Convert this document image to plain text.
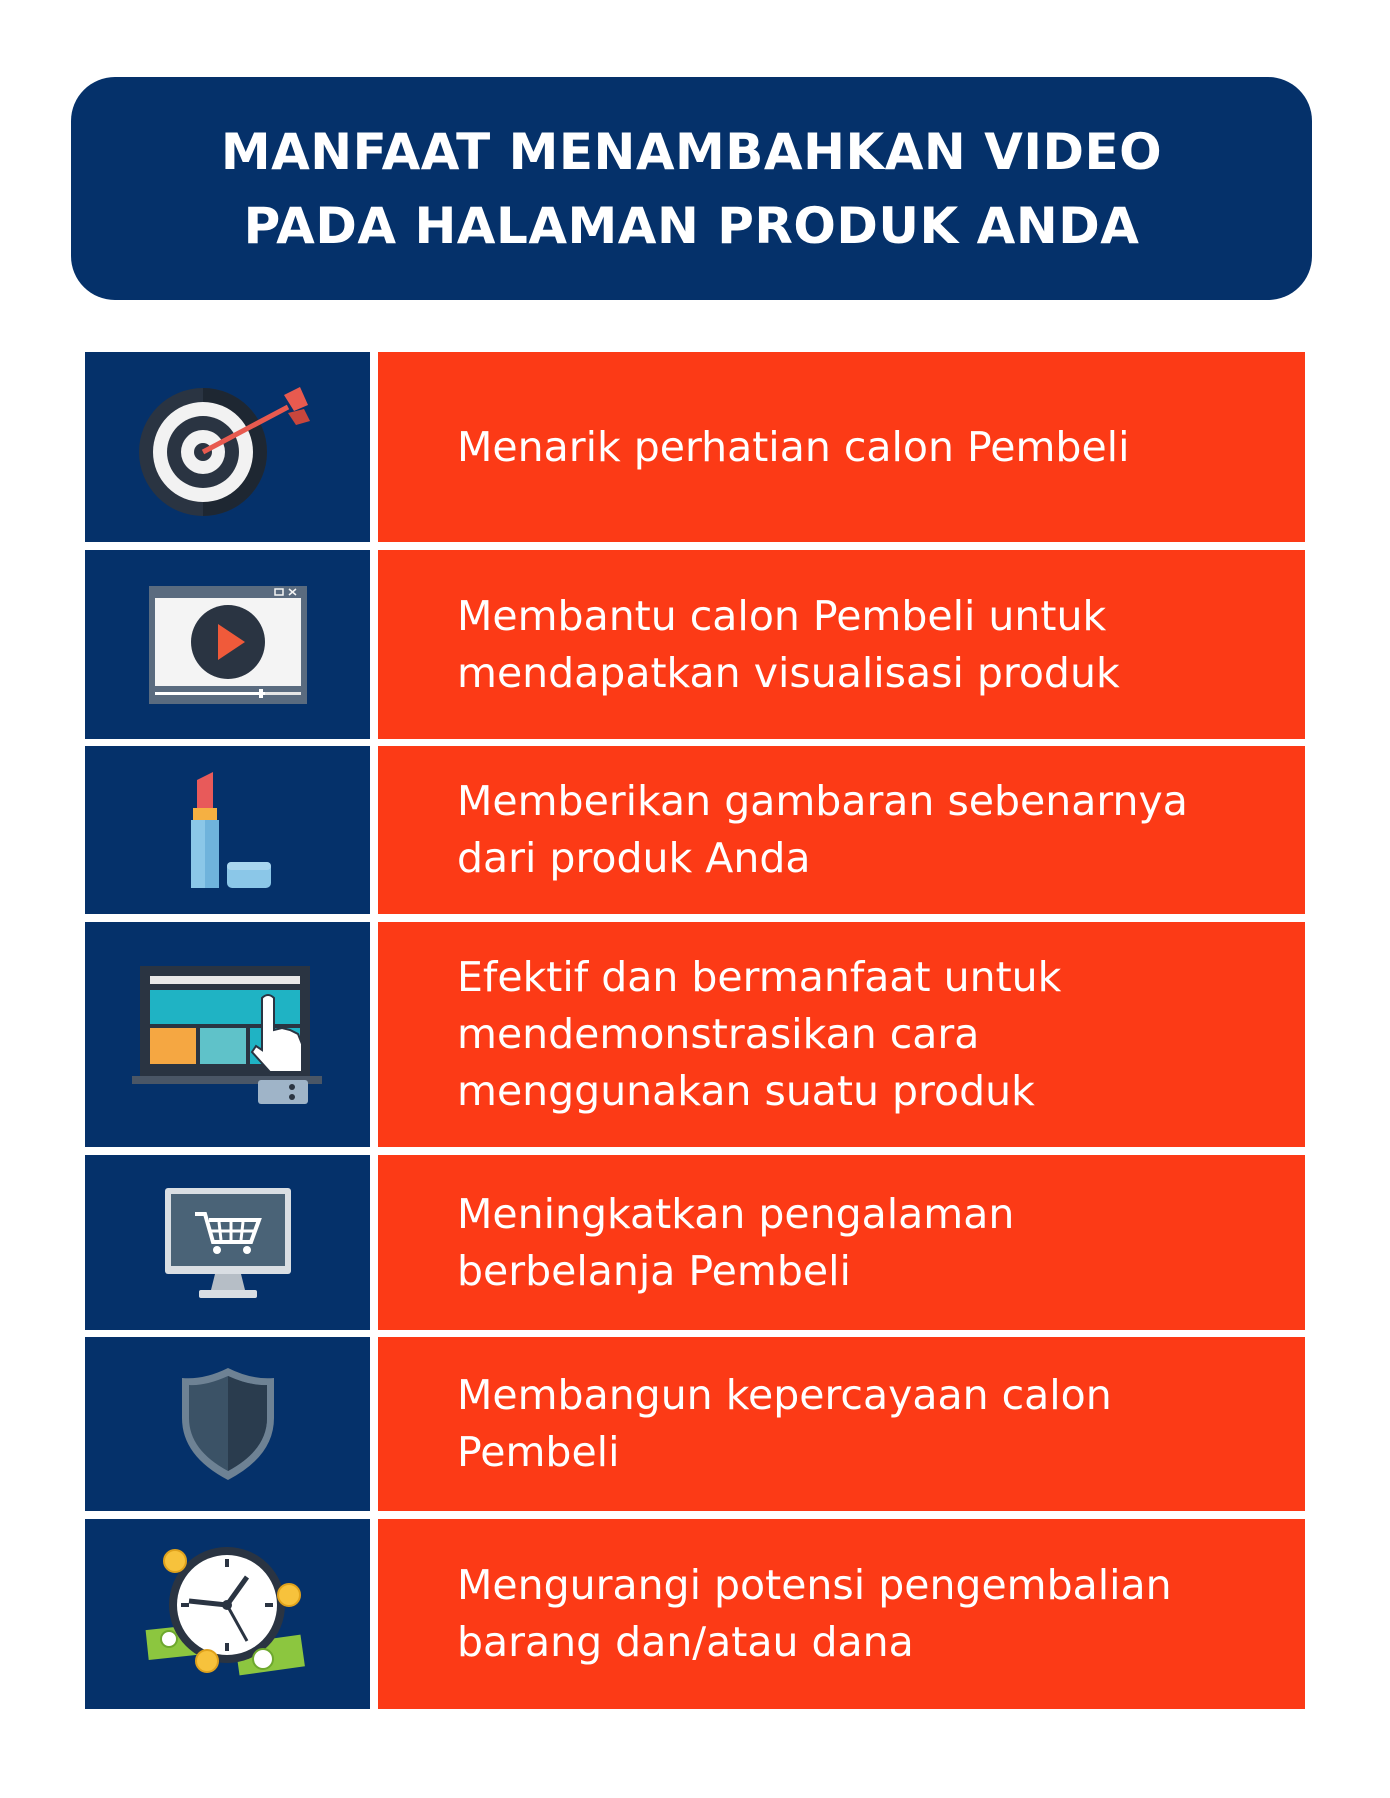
MANFAAT MENAMBAHKAN VIDEO
PADA HALAMAN PRODUK ANDA
Menarik perhatian calon Pembeli
Membantu calon Pembeli untuk
mendapatkan visualisasi produk
Memberikan gambaran sebenarnya
dari produk Anda
Efektif dan bermanfaat untuk
mendemonstrasikan cara
menggunakan suatu produk
Meningkatkan pengalaman
berbelanja Pembeli
Membangun kepercayaan calon
Pembeli
Mengurangi potensi pengembalian
barang dan/atau dana
